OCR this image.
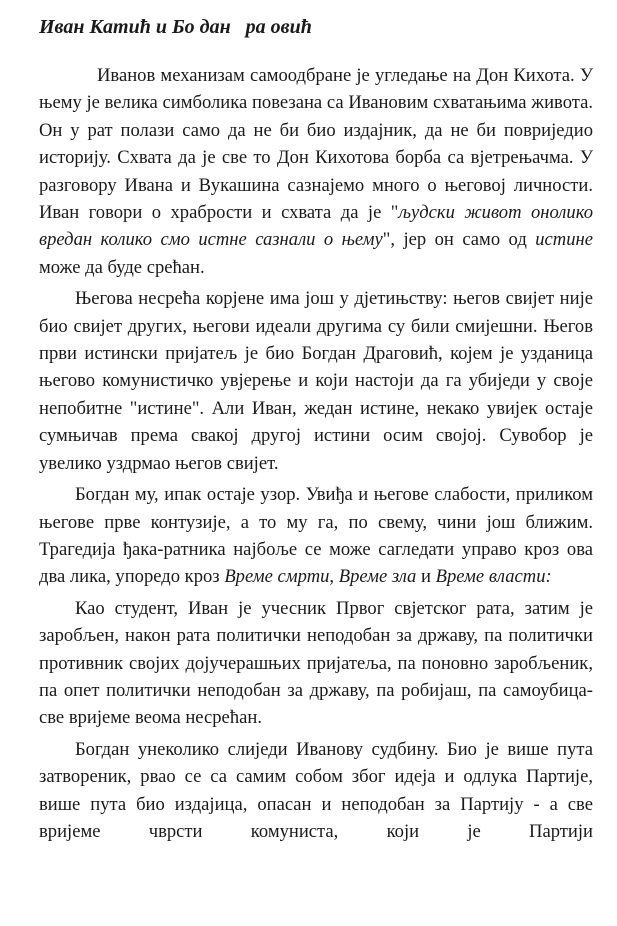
Иван Катић и Бо дан   ра овић

Иванов механизам самоодбране је угледање на Дон Кихота. У њему је велика симболика повезана са Ивановим схватањима живота. Он у рат полази само да не би био издајник, да не би повриједио историју. Схвата да је све то Дон Кихотова борба са вјетрењачма. У разговору Ивана и Вукашина сазнајемо много о његовој личности. Иван говори о храбрости и схвата да је "људски живот онолико вредан колико смо истне сазнали о њему", јер он само од истине може да буде срећан.

Његова несрећа корјене има још у дјетињству: његов свијет није био свијет других, његови идеали другима су били смијешни. Његов први истински пријатељ је био Богдан Драговић, којем је узданица његово комунистичко увјерење и који настоји да га убиједи у своје непобитне "истине". Али Иван, жедан истине, некако увијек остаје сумњичав према свакој другој истини осим својој. Сувобор је увелико уздрмао његов свијет.

Богдан му, ипак остаје узор. Увиђа и његове слабости, приликом његове прве контузије, а то му га, по свему, чини још ближим. Трагедија ђака-ратника најбоље се може сагледати управо кроз ова два лика, упоредо кроз Време смрти, Време зла и Време власти:

Као студент, Иван је учесник Првог свјетског рата, затим је заробљен, након рата политички неподобан за државу, па политички противник својих дојучерашњих пријатеља, па поновно заробљеник, па опет политички неподобан за државу, па робијаш, па самоубица-све вријеме веома несрећан.

Богдан унеколико слиједи Иванову судбину. Био је више пута затвореник, рвао се са самим собом због идеја и одлука Партије, више пута био издајица, опасан и неподобан за Партију - а све вријеме чврсти комуниста, који је Партији
